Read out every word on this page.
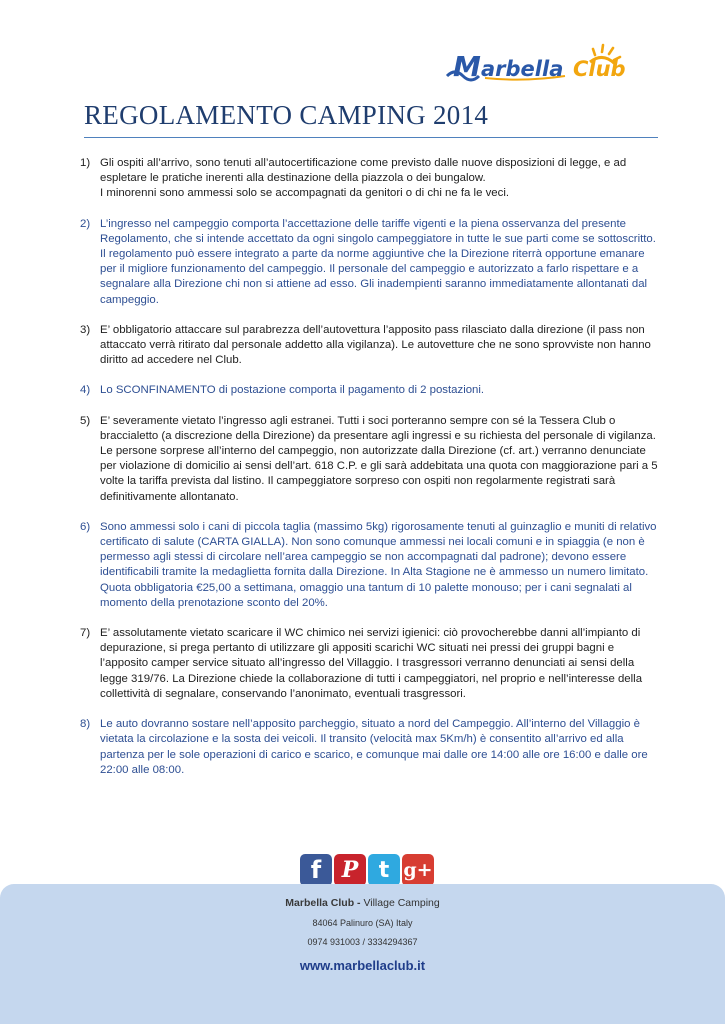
M arbella Club
REGOLAMENTO CAMPING 2014
1) Gli ospiti all’arrivo, sono tenuti all’autocertificazione come previsto dalle nuove disposizioni di legge, e ad espletare le pratiche inerenti alla destinazione della piazzola o dei bungalow.
I minorenni sono ammessi solo se accompagnati da genitori o di chi ne fa le veci.
2) L’ingresso nel campeggio comporta l’accettazione delle tariffe vigenti e la piena osservanza del presente Regolamento, che si intende accettato da ogni singolo campeggiatore in tutte le sue parti come se sottoscritto. Il regolamento può essere integrato a parte da norme aggiuntive che la Direzione riterrà opportune emanare per il migliore funzionamento del campeggio. Il personale del campeggio e autorizzato a farlo rispettare e a segnalare alla Direzione chi non si attiene ad esso. Gli inadempienti saranno immediatamente allontanati dal campeggio.
3) E’ obbligatorio attaccare sul parabrezza dell’autovettura l’apposito pass rilasciato dalla direzione (il pass non attaccato verrà ritirato dal personale addetto alla vigilanza). Le autovetture che ne sono sprovviste non hanno diritto ad accedere nel Club.
4) Lo SCONFINAMENTO di postazione comporta il pagamento di 2 postazioni.
5) E’ severamente vietato l’ingresso agli estranei. Tutti i soci porteranno sempre con sé la Tessera Club o braccialetto (a discrezione della Direzione) da presentare agli ingressi e su richiesta del personale di vigilanza. Le persone sorprese all’interno del campeggio, non autorizzate dalla Direzione (cf. art.) verranno denunciate per violazione di domicilio ai sensi dell’art. 618 C.P. e gli sarà addebitata una quota con maggiorazione pari a 5 volte la tariffa prevista dal listino. Il campeggiatore sorpreso con ospiti non regolarmente registrati sarà definitivamente allontanato.
6) Sono ammessi solo i cani di piccola taglia (massimo 5kg) rigorosamente tenuti al guinzaglio e muniti di relativo certificato di salute (CARTA GIALLA). Non sono comunque ammessi nei locali comuni e in spiaggia (e non è permesso agli stessi di circolare nell’area campeggio se non accompagnati dal padrone); devono essere identificabili tramite la medaglietta fornita dalla Direzione. In Alta Stagione ne è ammesso un numero limitato. Quota obbligatoria €25,00 a settimana, omaggio una tantum di 10 palette monouso; per i cani segnalati al momento della prenotazione sconto del 20%.
7) E’ assolutamente vietato scaricare il WC chimico nei servizi igienici: ciò provocherebbe danni all’impianto di depurazione, si prega pertanto di utilizzare gli appositi scarichi WC situati nei pressi dei gruppi bagni e l’apposito camper service situato all’ingresso del Villaggio. I trasgressori verranno denunciati ai sensi della legge 319/76. La Direzione chiede la collaborazione di tutti i campeggiatori, nel proprio e nell’interesse della collettività di segnalare, conservando l’anonimato, eventuali trasgressori.
8) Le auto dovranno sostare nell’apposito parcheggio, situato a nord del Campeggio. All’interno del Villaggio è vietata la circolazione e la sosta dei veicoli. Il transito (velocità max 5Km/h) è consentito all’arrivo ed alla partenza per le sole operazioni di carico e scarico, e comunque mai dalle ore 14:00 alle ore 16:00 e dalle ore 22:00 alle 08:00.
f P t g+
Marbella Club - Village Camping
84064 Palinuro (SA) Italy
0974 931003 / 3334294367
www.marbellaclub.it
